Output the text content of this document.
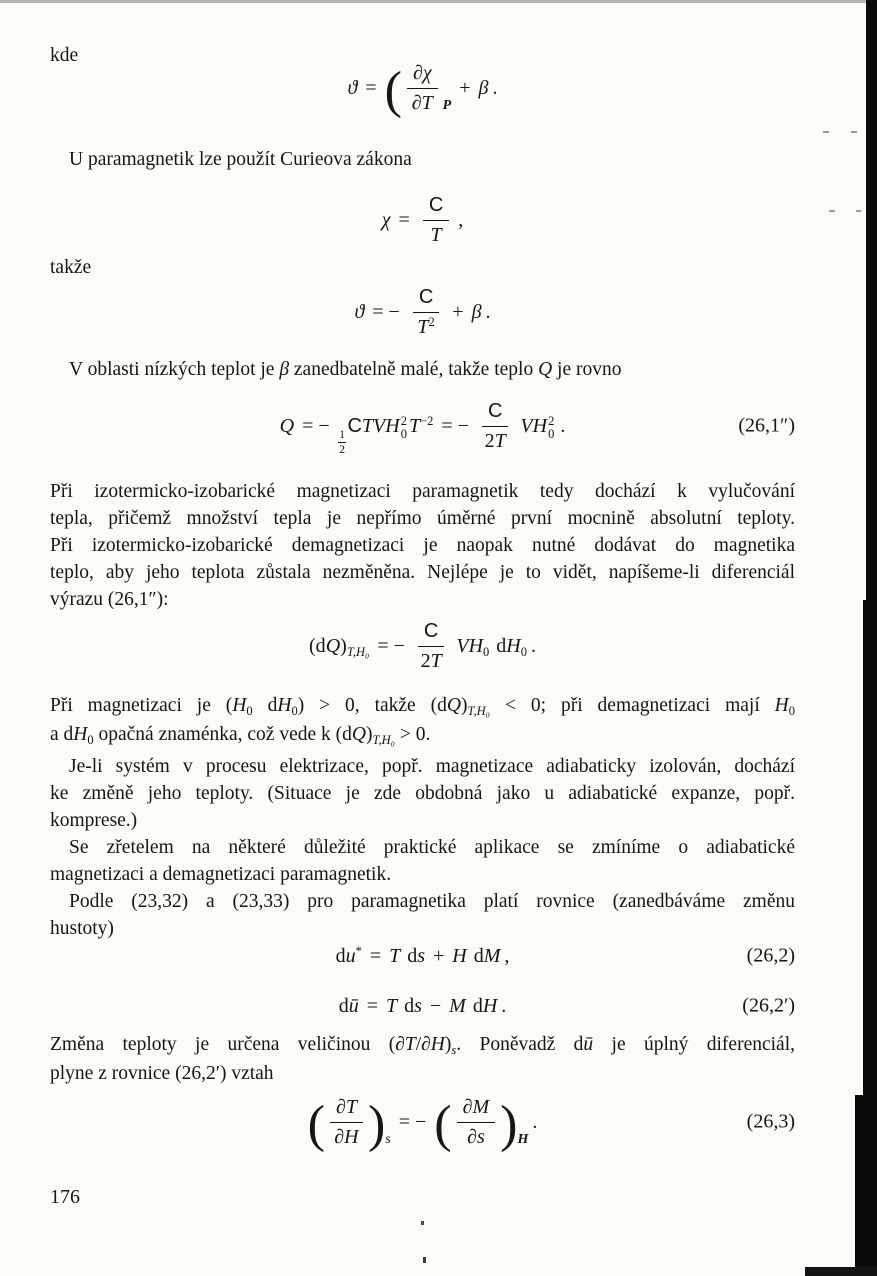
kde
ϑ = ( $\frac{\partial\chi}{\partial T} P+ \beta$ .
U paramagnetik lze použít Curieova zákona
$\chi = \frac{C}{T}$ ,
takže
ϑ = − $\frac{C}{T^2} + \beta$ .
V oblasti nízkých teplot je β zanedbatelně malé, takže teplo Q je rovno
Q = −
$\frac{1}{2}$
CTVH 2
0 $T^{-2}$ = − $\frac{C}{2T}$ VH 2
0 .	(26,1″)
Při izotermicko-izobarické magnetizaci paramagnetik tedy dochází k vylučování
tepla, přičemž množství tepla je nepřímo úměrné první mocnině absolutní teploty.
Při izotermicko-izobarické demagnetizaci je naopak nutné dodávat do magnetika
teplo, aby jeho teplota zůstala nezměněna. Nejlépe je to vidět, napíšeme-li diferenciál
výrazu (26,1″):
$(dQ)_{T,H_0}$ = − $\frac{C}{2T} VH_0$ $dH_0$ .
Při magnetizaci je ($H_0$ $dH_0) > 0$, takže $(dQ)_{T,H_0} < 0$; při demagnetizaci mají $H_0$
a $dH_0$ opačná znaménka, což vede k $(dQ)_{T,H_0} > 0$.
Je-li systém v procesu elektrizace, popř. magnetizace adiabaticky izolován, dochází
ke změně jeho teploty. (Situace je zde obdobná jako u adiabatické expanze, popř.
komprese.)
Se zřetelem na některé důležité praktické aplikace se zmíníme o adiabatické
magnetizaci a demagnetizaci paramagnetik.
Podle (23,32) a (23,33) pro paramagnetika platí rovnice (zanedbáváme změnu
hustoty)
du* = T ds + H dM ,	(26,2)
dū = T ds − M dH .	(26,2′)
Změna teploty je určena veličinou $(\partial T/\partial H)_s$. Poněvadž dū je úplný diferenciál,
plyne z rovnice (26,2′) vztah
( $\frac{\partial T}{\partial H} )s=$ − ( $\frac{\partial M}{\partial s} )H$.	(26,3)
176
